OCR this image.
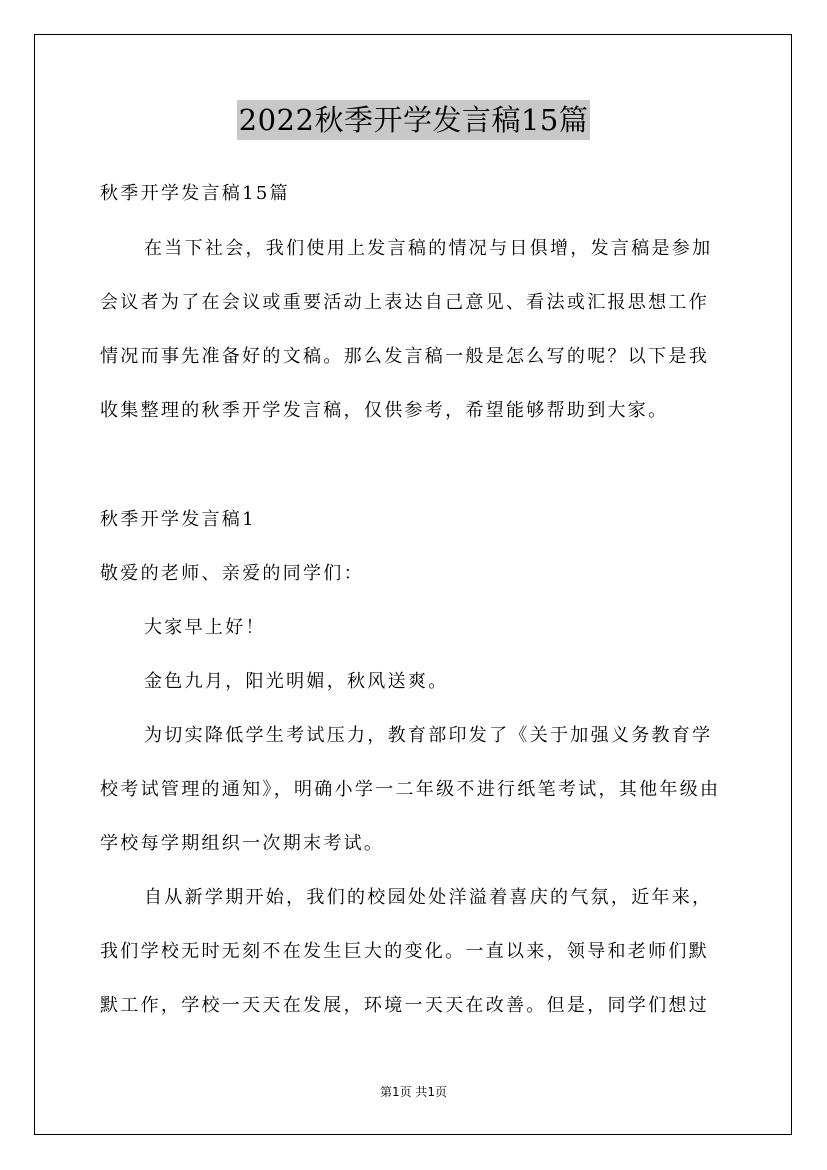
2022秋季开学发言稿15篇
秋季开学发言稿15篇
在当下社会，我们使用上发言稿的情况与日俱增，发言稿是参加
会议者为了在会议或重要活动上表达自己意见、看法或汇报思想工作
情况而事先准备好的文稿。那么发言稿一般是怎么写的呢？以下是我
收集整理的秋季开学发言稿，仅供参考，希望能够帮助到大家。
秋季开学发言稿1
敬爱的老师、亲爱的同学们：
大家早上好！
金色九月，阳光明媚，秋风送爽。
为切实降低学生考试压力，教育部印发了《关于加强义务教育学
校考试管理的通知》，明确小学一二年级不进行纸笔考试，其他年级由
学校每学期组织一次期末考试。
自从新学期开始，我们的校园处处洋溢着喜庆的气氛，近年来，
我们学校无时无刻不在发生巨大的变化。一直以来，领导和老师们默
默工作，学校一天天在发展，环境一天天在改善。但是，同学们想过
第1页 共1页
